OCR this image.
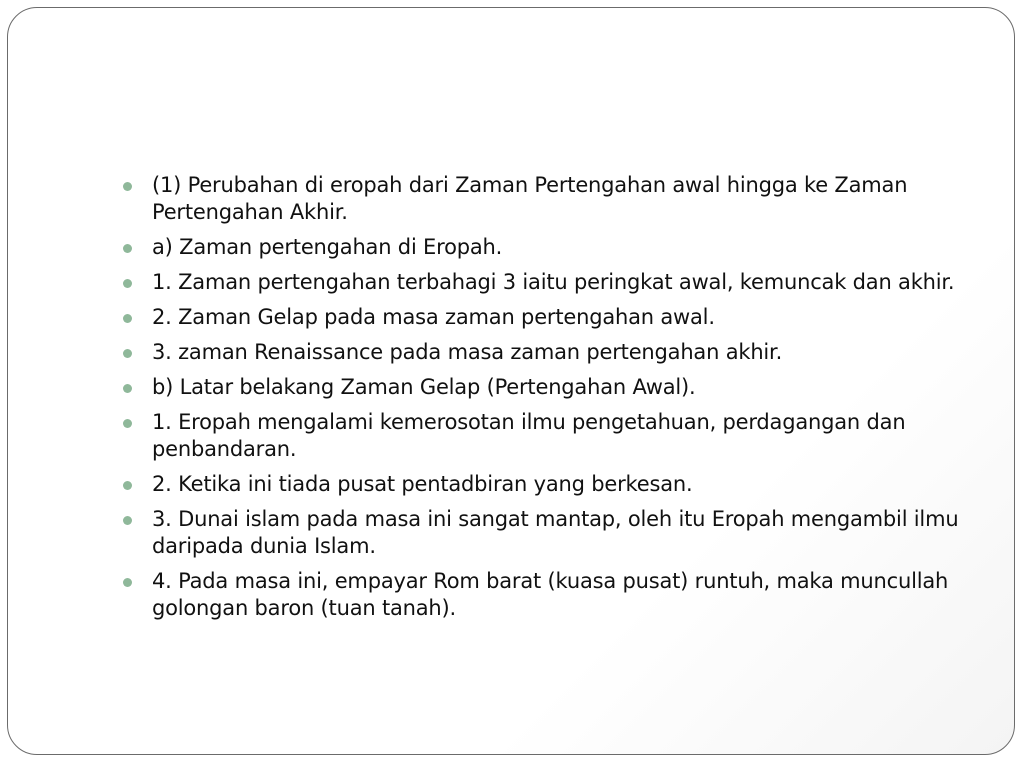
(1) Perubahan di eropah dari Zaman Pertengahan awal hingga ke Zaman Pertengahan Akhir.
a) Zaman pertengahan di Eropah.
1. Zaman pertengahan terbahagi 3 iaitu peringkat awal, kemuncak dan akhir.
2. Zaman Gelap pada masa zaman pertengahan awal.
3. zaman Renaissance pada masa zaman pertengahan akhir.
b) Latar belakang Zaman Gelap (Pertengahan Awal).
1. Eropah mengalami kemerosotan ilmu pengetahuan, perdagangan dan penbandaran.
2. Ketika ini tiada pusat pentadbiran yang berkesan.
3. Dunai islam pada masa ini sangat mantap, oleh itu Eropah mengambil ilmu daripada dunia Islam.
4. Pada masa ini, empayar Rom barat (kuasa pusat) runtuh, maka muncullah golongan baron (tuan tanah).
